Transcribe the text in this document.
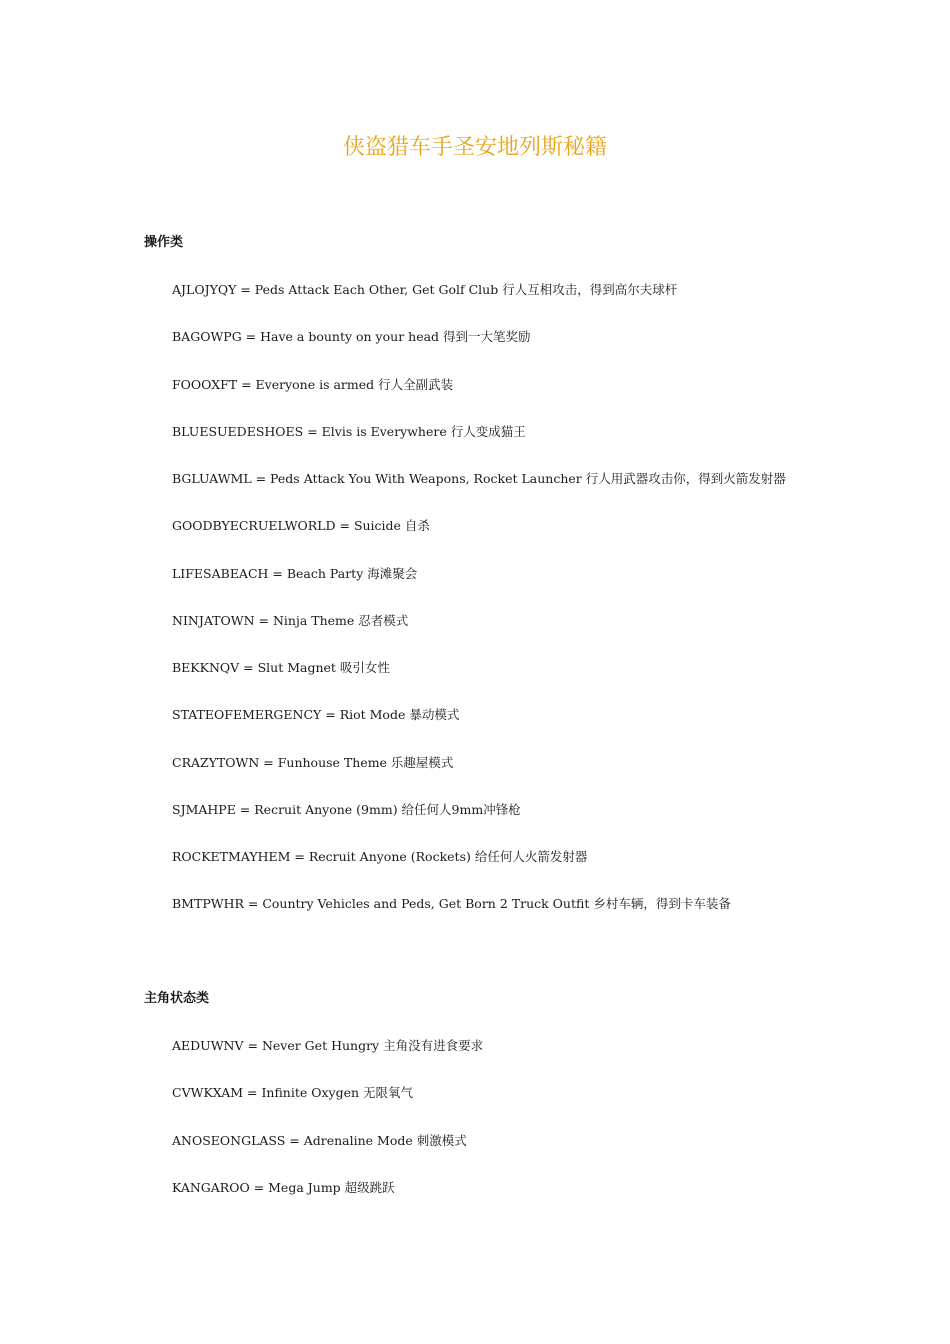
侠盗猎车手圣安地列斯秘籍
操作类
AJLOJYQY = Peds Attack Each Other, Get Golf Club 行人互相攻击，得到高尔夫球杆
BAGOWPG = Have a bounty on your head 得到一大笔奖励
FOOOXFT = Everyone is armed 行人全副武装
BLUESUEDESHOES = Elvis is Everywhere 行人变成猫王
BGLUAWML = Peds Attack You With Weapons, Rocket Launcher 行人用武器攻击你，得到火箭发射器
GOODBYECRUELWORLD = Suicide 自杀
LIFESABEACH = Beach Party 海滩聚会
NINJATOWN = Ninja Theme 忍者模式
BEKKNQV = Slut Magnet 吸引女性
STATEOFEMERGENCY = Riot Mode 暴动模式
CRAZYTOWN = Funhouse Theme 乐趣屋模式
SJMAHPE = Recruit Anyone (9mm) 给任何人9mm冲锋枪
ROCKETMAYHEM = Recruit Anyone (Rockets) 给任何人火箭发射器
BMTPWHR = Country Vehicles and Peds, Get Born 2 Truck Outfit 乡村车辆，得到卡车装备
主角状态类
AEDUWNV = Never Get Hungry 主角没有进食要求
CVWKXAM = Infinite Oxygen 无限氧气
ANOSEONGLASS = Adrenaline Mode 刺激模式
KANGAROO = Mega Jump 超级跳跃
